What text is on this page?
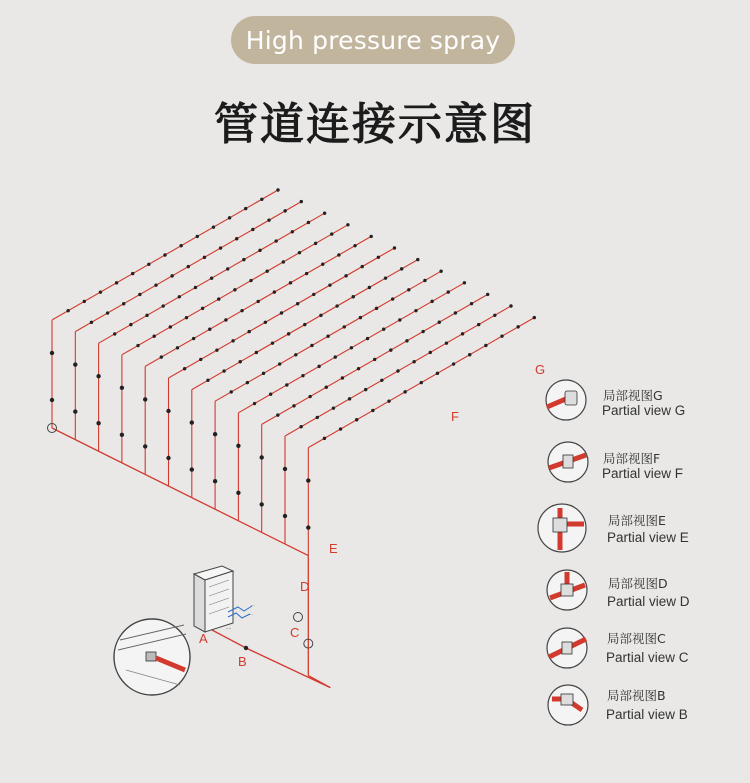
High pressure spray
管道连接示意图
···
···
····
A
B
C
D
E
F
G
局部视图G
Partial view G
局部视图F
Partial view F
局部视图E
Partial view E
局部视图D
Partial view D
局部视图C
Partial view C
局部视图B
Partial view B
